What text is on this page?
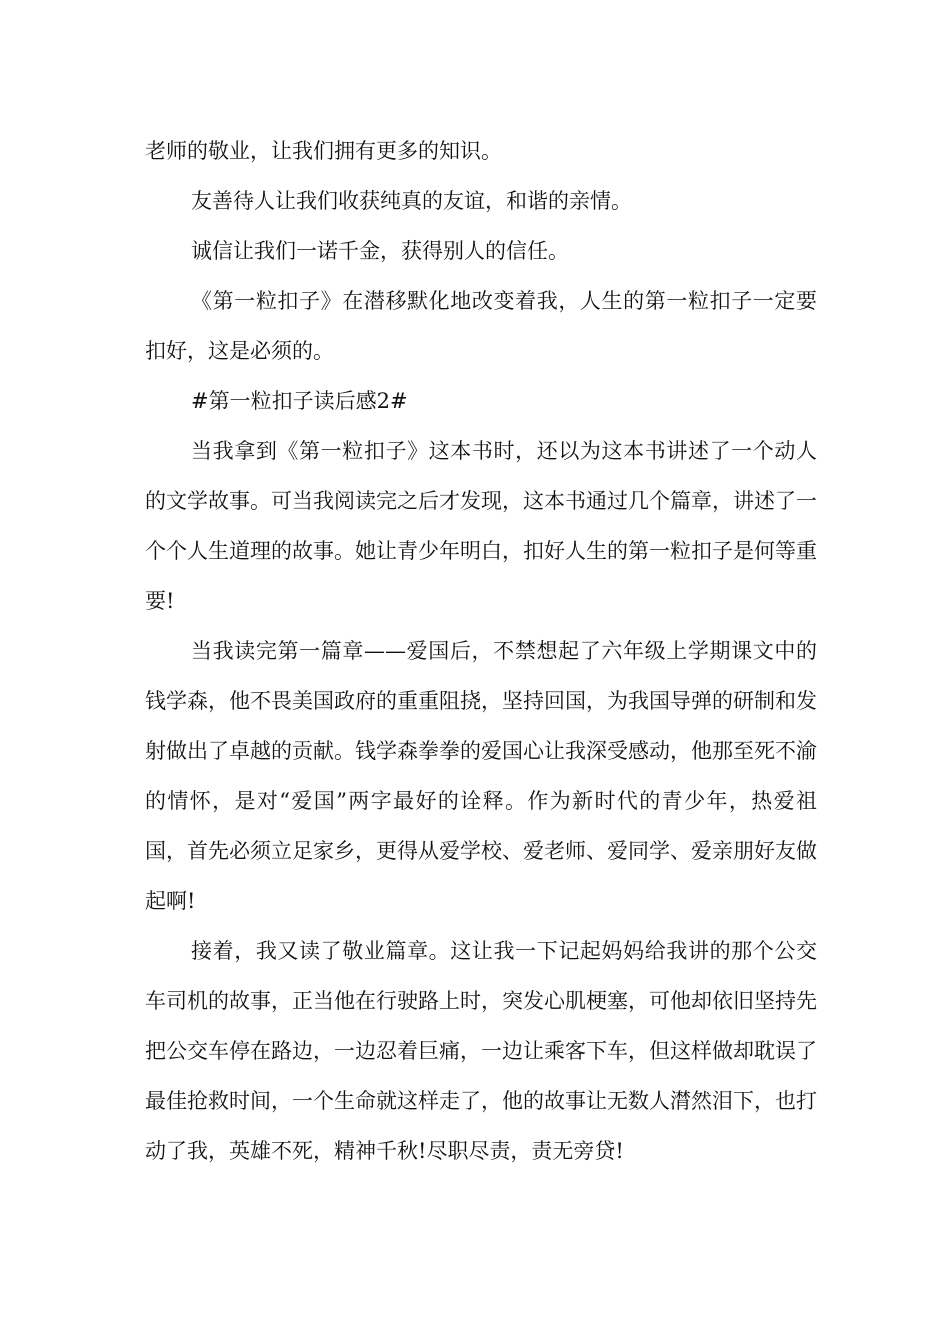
老师的敬业，让我们拥有更多的知识。

友善待人让我们收获纯真的友谊，和谐的亲情。

诚信让我们一诺千金，获得别人的信任。

《第一粒扣子》在潜移默化地改变着我，人生的第一粒扣子一定要扣好，这是必须的。

#第一粒扣子读后感2#

当我拿到《第一粒扣子》这本书时，还以为这本书讲述了一个动人的文学故事。可当我阅读完之后才发现，这本书通过几个篇章，讲述了一个个人生道理的故事。她让青少年明白，扣好人生的第一粒扣子是何等重要!

当我读完第一篇章——爱国后，不禁想起了六年级上学期课文中的钱学森，他不畏美国政府的重重阻挠，坚持回国，为我国导弹的研制和发射做出了卓越的贡献。钱学森拳拳的爱国心让我深受感动，他那至死不渝的情怀，是对“爱国”两字最好的诠释。作为新时代的青少年，热爱祖国，首先必须立足家乡，更得从爱学校、爱老师、爱同学、爱亲朋好友做起啊!

接着，我又读了敬业篇章。这让我一下记起妈妈给我讲的那个公交车司机的故事，正当他在行驶路上时，突发心肌梗塞，可他却依旧坚持先把公交车停在路边，一边忍着巨痛，一边让乘客下车，但这样做却耽误了最佳抢救时间，一个生命就这样走了，他的故事让无数人潸然泪下，也打动了我，英雄不死，精神千秋!尽职尽责，责无旁贷!
